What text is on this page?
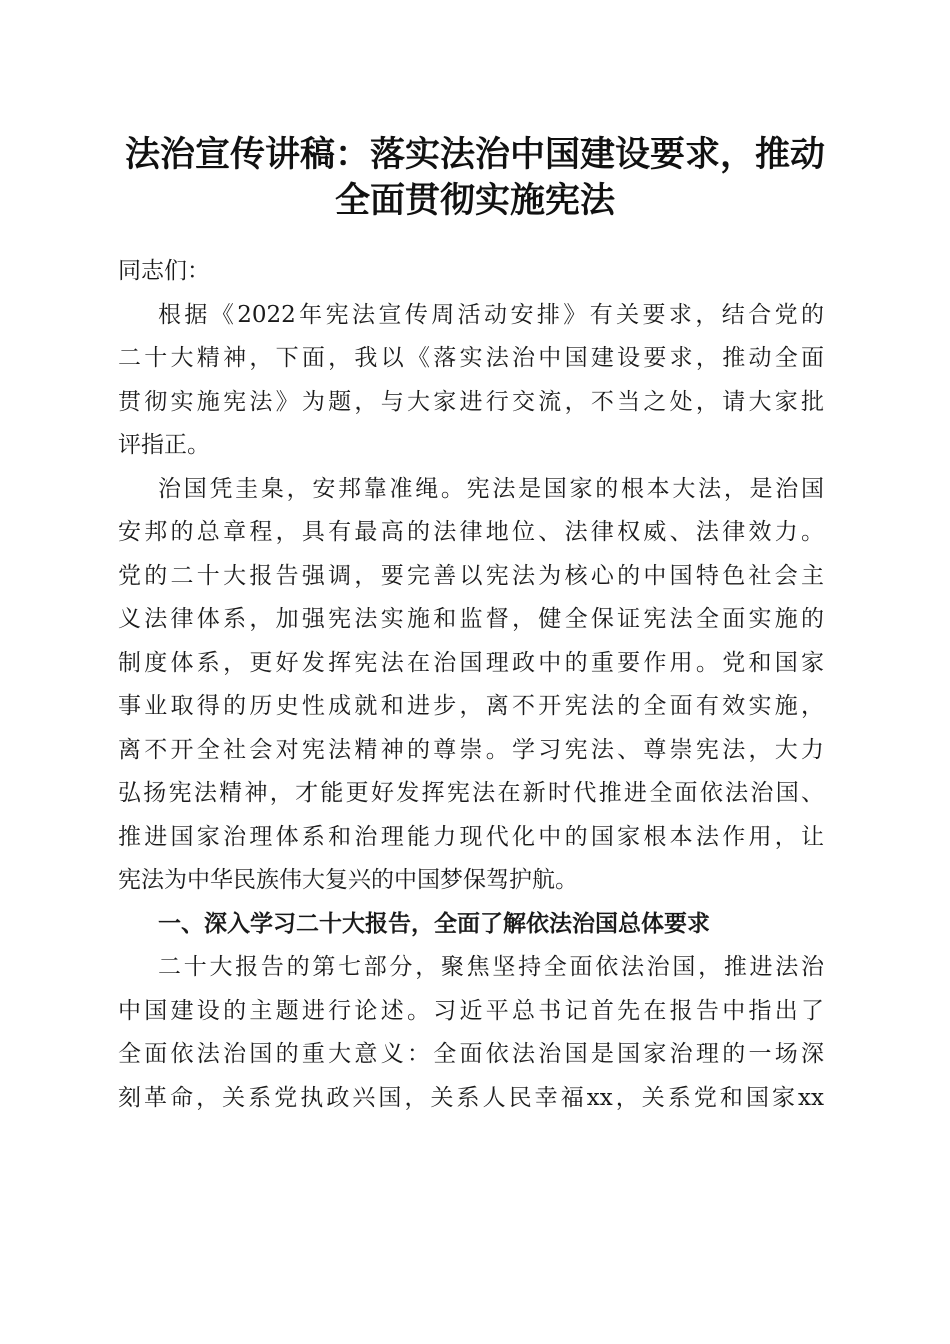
法治宣传讲稿：落实法治中国建设要求，推动
全面贯彻实施宪法
同志们：
根据《2022年宪法宣传周活动安排》有关要求，结合党的
二十大精神，下面，我以《落实法治中国建设要求，推动全面
贯彻实施宪法》为题，与大家进行交流，不当之处，请大家批
评指正。
治国凭圭臬，安邦靠准绳。宪法是国家的根本大法，是治国
安邦的总章程，具有最高的法律地位、法律权威、法律效力。
党的二十大报告强调，要完善以宪法为核心的中国特色社会主
义法律体系，加强宪法实施和监督，健全保证宪法全面实施的
制度体系，更好发挥宪法在治国理政中的重要作用。党和国家
事业取得的历史性成就和进步，离不开宪法的全面有效实施，
离不开全社会对宪法精神的尊崇。学习宪法、尊崇宪法，大力
弘扬宪法精神，才能更好发挥宪法在新时代推进全面依法治国、
推进国家治理体系和治理能力现代化中的国家根本法作用，让
宪法为中华民族伟大复兴的中国梦保驾护航。
一、深入学习二十大报告，全面了解依法治国总体要求
二十大报告的第七部分，聚焦坚持全面依法治国，推进法治
中国建设的主题进行论述。习近平总书记首先在报告中指出了
全面依法治国的重大意义：全面依法治国是国家治理的一场深
刻革命，关系党执政兴国，关系人民幸福xx，关系党和国家xx
